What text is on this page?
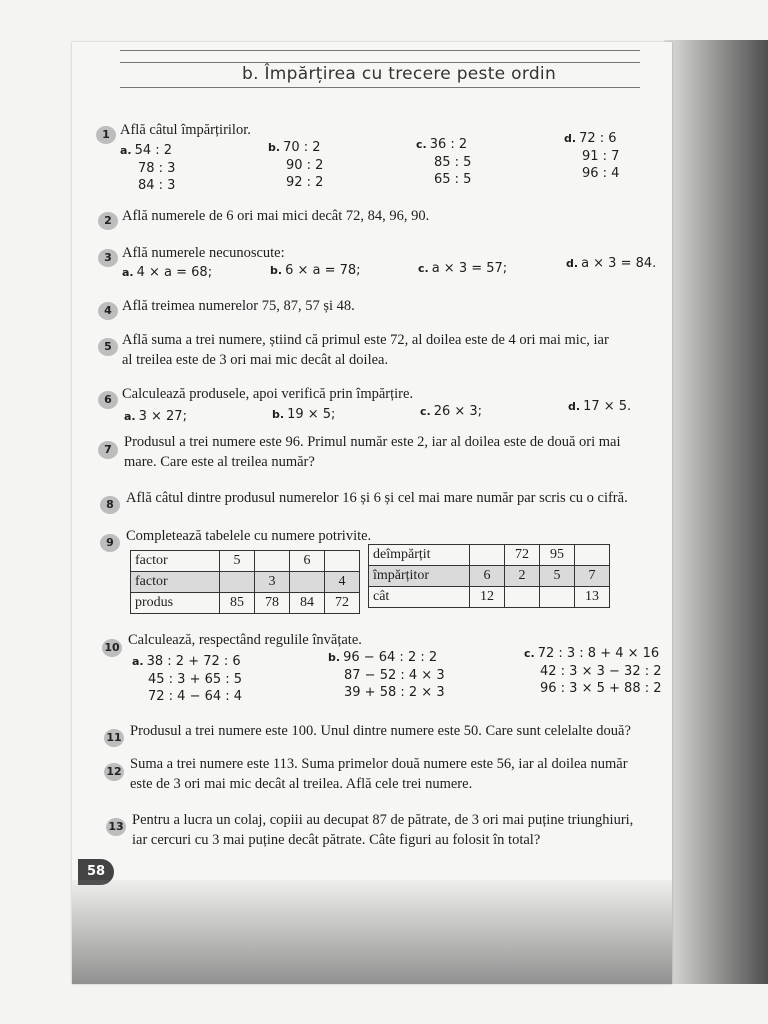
b. Împărțirea cu trecere peste ordin
1 Află câtul împărțirilor.
a. 54 : 2
78 : 3
84 : 3
b. 70 : 2
90 : 2
92 : 2
c. 36 : 2
85 : 5
65 : 5
d. 72 : 6
91 : 7
96 : 4
2 Află numerele de 6 ori mai mici decât 72, 84, 96, 90.
3 Află numerele necunoscute:
a. 4 × a = 68;	b. 6 × a = 78;	c. a × 3 = 57;	d. a × 3 = 84.
4 Află treimea numerelor 75, 87, 57 și 48.
5 Află suma a trei numere, știind că primul este 72, al doilea este de 4 ori mai mic, iar
al treilea este de 3 ori mai mic decât al doilea.
6 Calculează produsele, apoi verifică prin împărțire.
a. 3 × 27;	b. 19 × 5;	c. 26 × 3;	d. 17 × 5.
7 Produsul a trei numere este 96. Primul număr este 2, iar al doilea este de două ori mai
mare. Care este al treilea număr?
8 Află câtul dintre produsul numerelor 16 și 6 și cel mai mare număr par scris cu o cifră.
9 Completează tabelele cu numere potrivite.
factor	5		6	
factor		3		4
produs	85	78	84	72
deîmpărțit		72	95	
împărțitor	6	2	5	7
cât	12			13
10 Calculează, respectând regulile învățate.
a. 38 : 2 + 72 : 6
45 : 3 + 65 : 5
72 : 4 − 64 : 4
b. 96 − 64 : 2 : 2
87 − 52 : 4 × 3
39 + 58 : 2 × 3
c. 72 : 3 : 8 + 4 × 16
42 : 3 × 3 − 32 : 2
96 : 3 × 5 + 88 : 2
11 Produsul a trei numere este 100. Unul dintre numere este 50. Care sunt celelalte două?
12 Suma a trei numere este 113. Suma primelor două numere este 56, iar al doilea număr
este de 3 ori mai mic decât al treilea. Află cele trei numere.
13 Pentru a lucra un colaj, copiii au decupat 87 de pătrate, de 3 ori mai puține triunghiuri,
iar cercuri cu 3 mai puține decât pătrate. Câte figuri au folosit în total?
58
